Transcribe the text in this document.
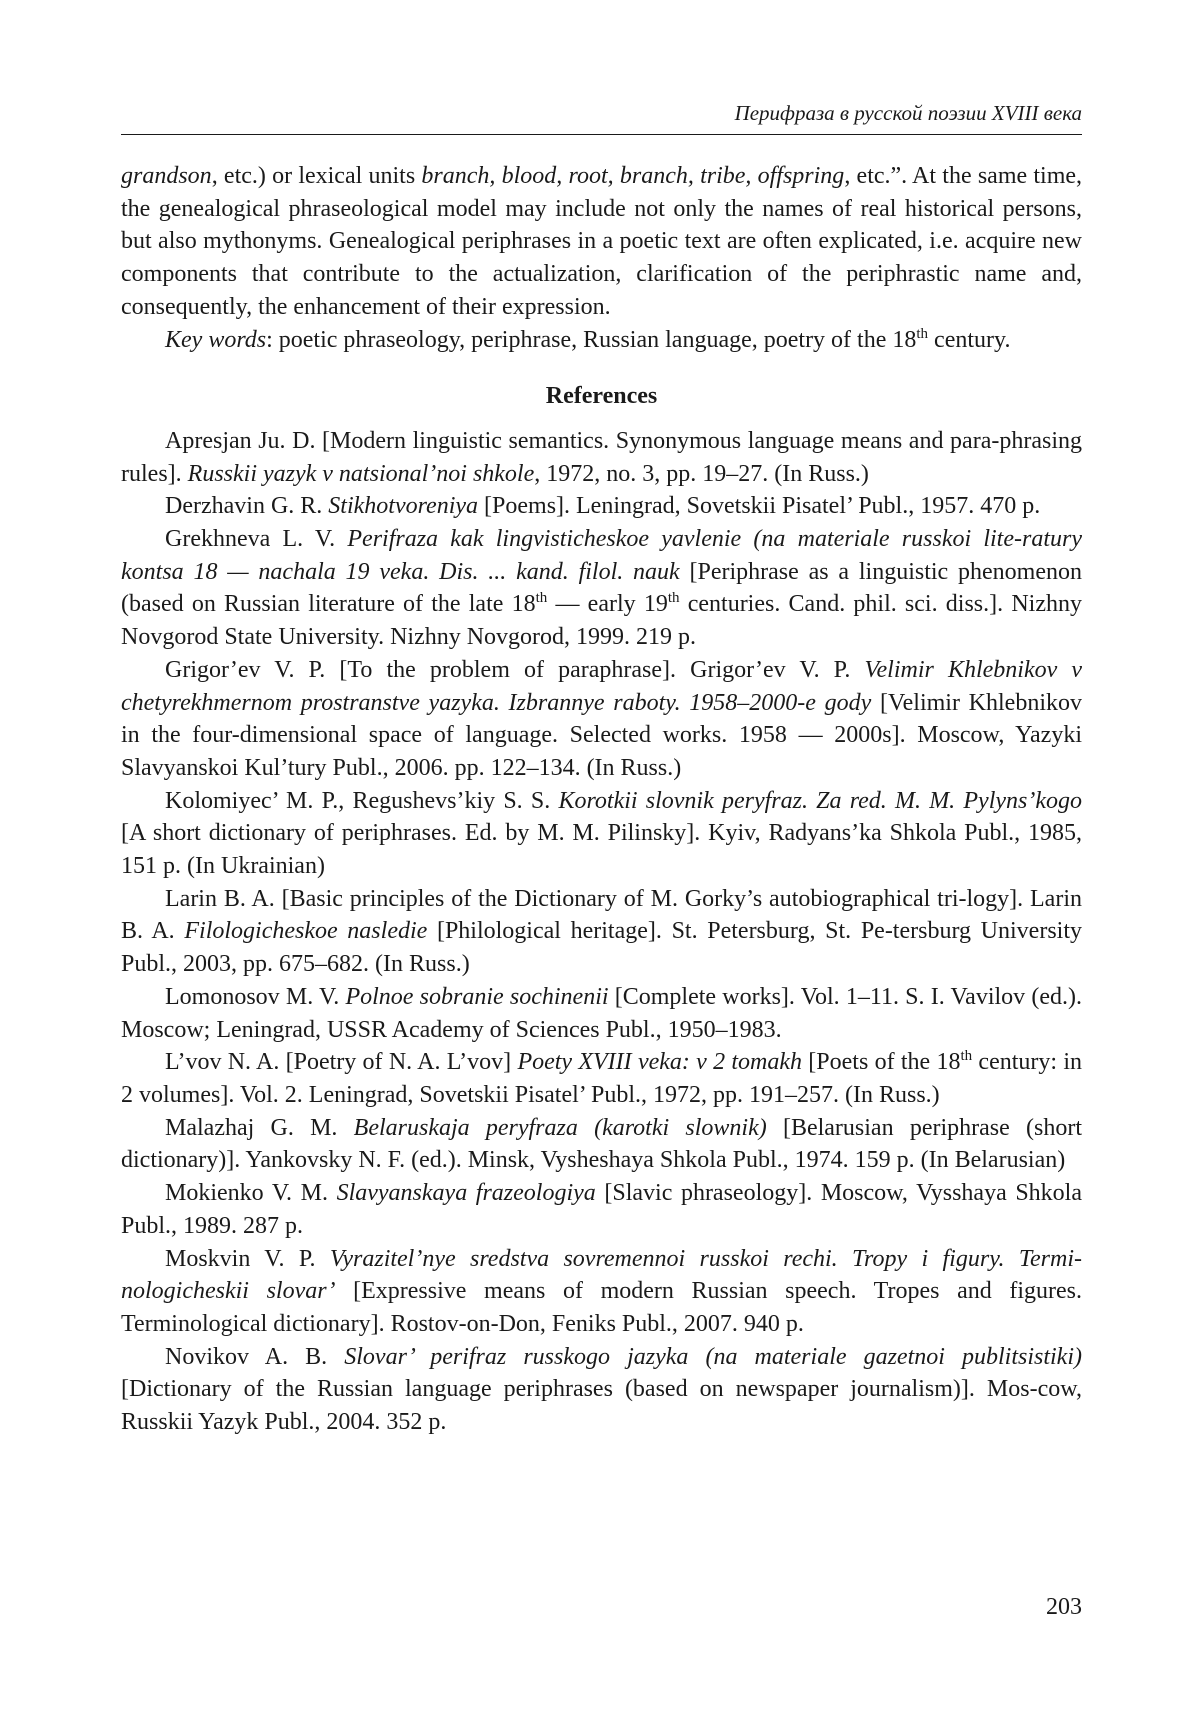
Перифраза в русской поэзии XVIII века

grandson, etc.) or lexical units branch, blood, root, branch, tribe, offspring, etc.”. At the same time, the genealogical phraseological model may include not only the names of real historical persons, but also mythonyms. Genealogical periphrases in a poetic text are often explicated, i.e. acquire new components that contribute to the actualization, clarification of the periphrastic name and, consequently, the enhancement of their expression.

Key words: poetic phraseology, periphrase, Russian language, poetry of the 18th century.

References

Apresjan Ju. D. [Modern linguistic semantics. Synonymous language means and para-phrasing rules]. Russkii yazyk v natsional’noi shkole, 1972, no. 3, pp. 19–27. (In Russ.)

Derzhavin G. R. Stikhotvoreniya [Poems]. Leningrad, Sovetskii Pisatel’ Publ., 1957. 470 p.

Grekhneva L. V. Perifraza kak lingvisticheskoe yavlenie (na materiale russkoi lite-ratury kontsa 18 — nachala 19 veka. Dis. ... kand. filol. nauk [Periphrase as a linguistic phenomenon (based on Russian literature of the late 18th — early 19th centuries. Cand. phil. sci. diss.]. Nizhny Novgorod State University. Nizhny Novgorod, 1999. 219 p.

Grigor’ev V. P. [To the problem of paraphrase]. Grigor’ev V. P. Velimir Khlebnikov v chetyrekhmernom prostranstve yazyka. Izbrannye raboty. 1958–2000-e gody [Velimir Khlebnikov in the four-dimensional space of language. Selected works. 1958 — 2000s]. Moscow, Yazyki Slavyanskoi Kul’tury Publ., 2006. pp. 122–134. (In Russ.)

Kolomiyec’ M. P., Regushevs’kiy S. S. Korotkii slovnik peryfraz. Za red. M. M. Pylyns’kogo [A short dictionary of periphrases. Ed. by M. M. Pilinsky]. Kyiv, Radyans’ka Shkola Publ., 1985, 151 p. (In Ukrainian)

Larin B. A. [Basic principles of the Dictionary of M. Gorky’s autobiographical tri-logy]. Larin B. A. Filologicheskoe nasledie [Philological heritage]. St. Petersburg, St. Pe-tersburg University Publ., 2003, pp. 675–682. (In Russ.)

Lomonosov M. V. Polnoe sobranie sochinenii [Complete works]. Vol. 1–11. S. I. Vavilov (ed.). Moscow; Leningrad, USSR Academy of Sciences Publ., 1950–1983.

L’vov N. A. [Poetry of N. A. L’vov] Poety XVIII veka: v 2 tomakh [Poets of the 18th century: in 2 volumes]. Vol. 2. Leningrad, Sovetskii Pisatel’ Publ., 1972, pp. 191–257. (In Russ.)

Malazhaj G. M. Belaruskaja peryfraza (karotki slownik) [Belarusian periphrase (short dictionary)]. Yankovsky N. F. (ed.). Minsk, Vysheshaya Shkola Publ., 1974. 159 p. (In Belarusian)

Mokienko V. M. Slavyanskaya frazeologiya [Slavic phraseology]. Moscow, Vysshaya Shkola Publ., 1989. 287 p.

Moskvin V. P. Vyrazitel’nye sredstva sovremennoi russkoi rechi. Tropy i figury. Termi-nologicheskii slovar’ [Expressive means of modern Russian speech. Tropes and figures. Terminological dictionary]. Rostov-on-Don, Feniks Publ., 2007. 940 p.

Novikov A. B. Slovar’ perifraz russkogo jazyka (na materiale gazetnoi publitsistiki) [Dictionary of the Russian language periphrases (based on newspaper journalism)]. Mos-cow, Russkii Yazyk Publ., 2004. 352 p.

203
